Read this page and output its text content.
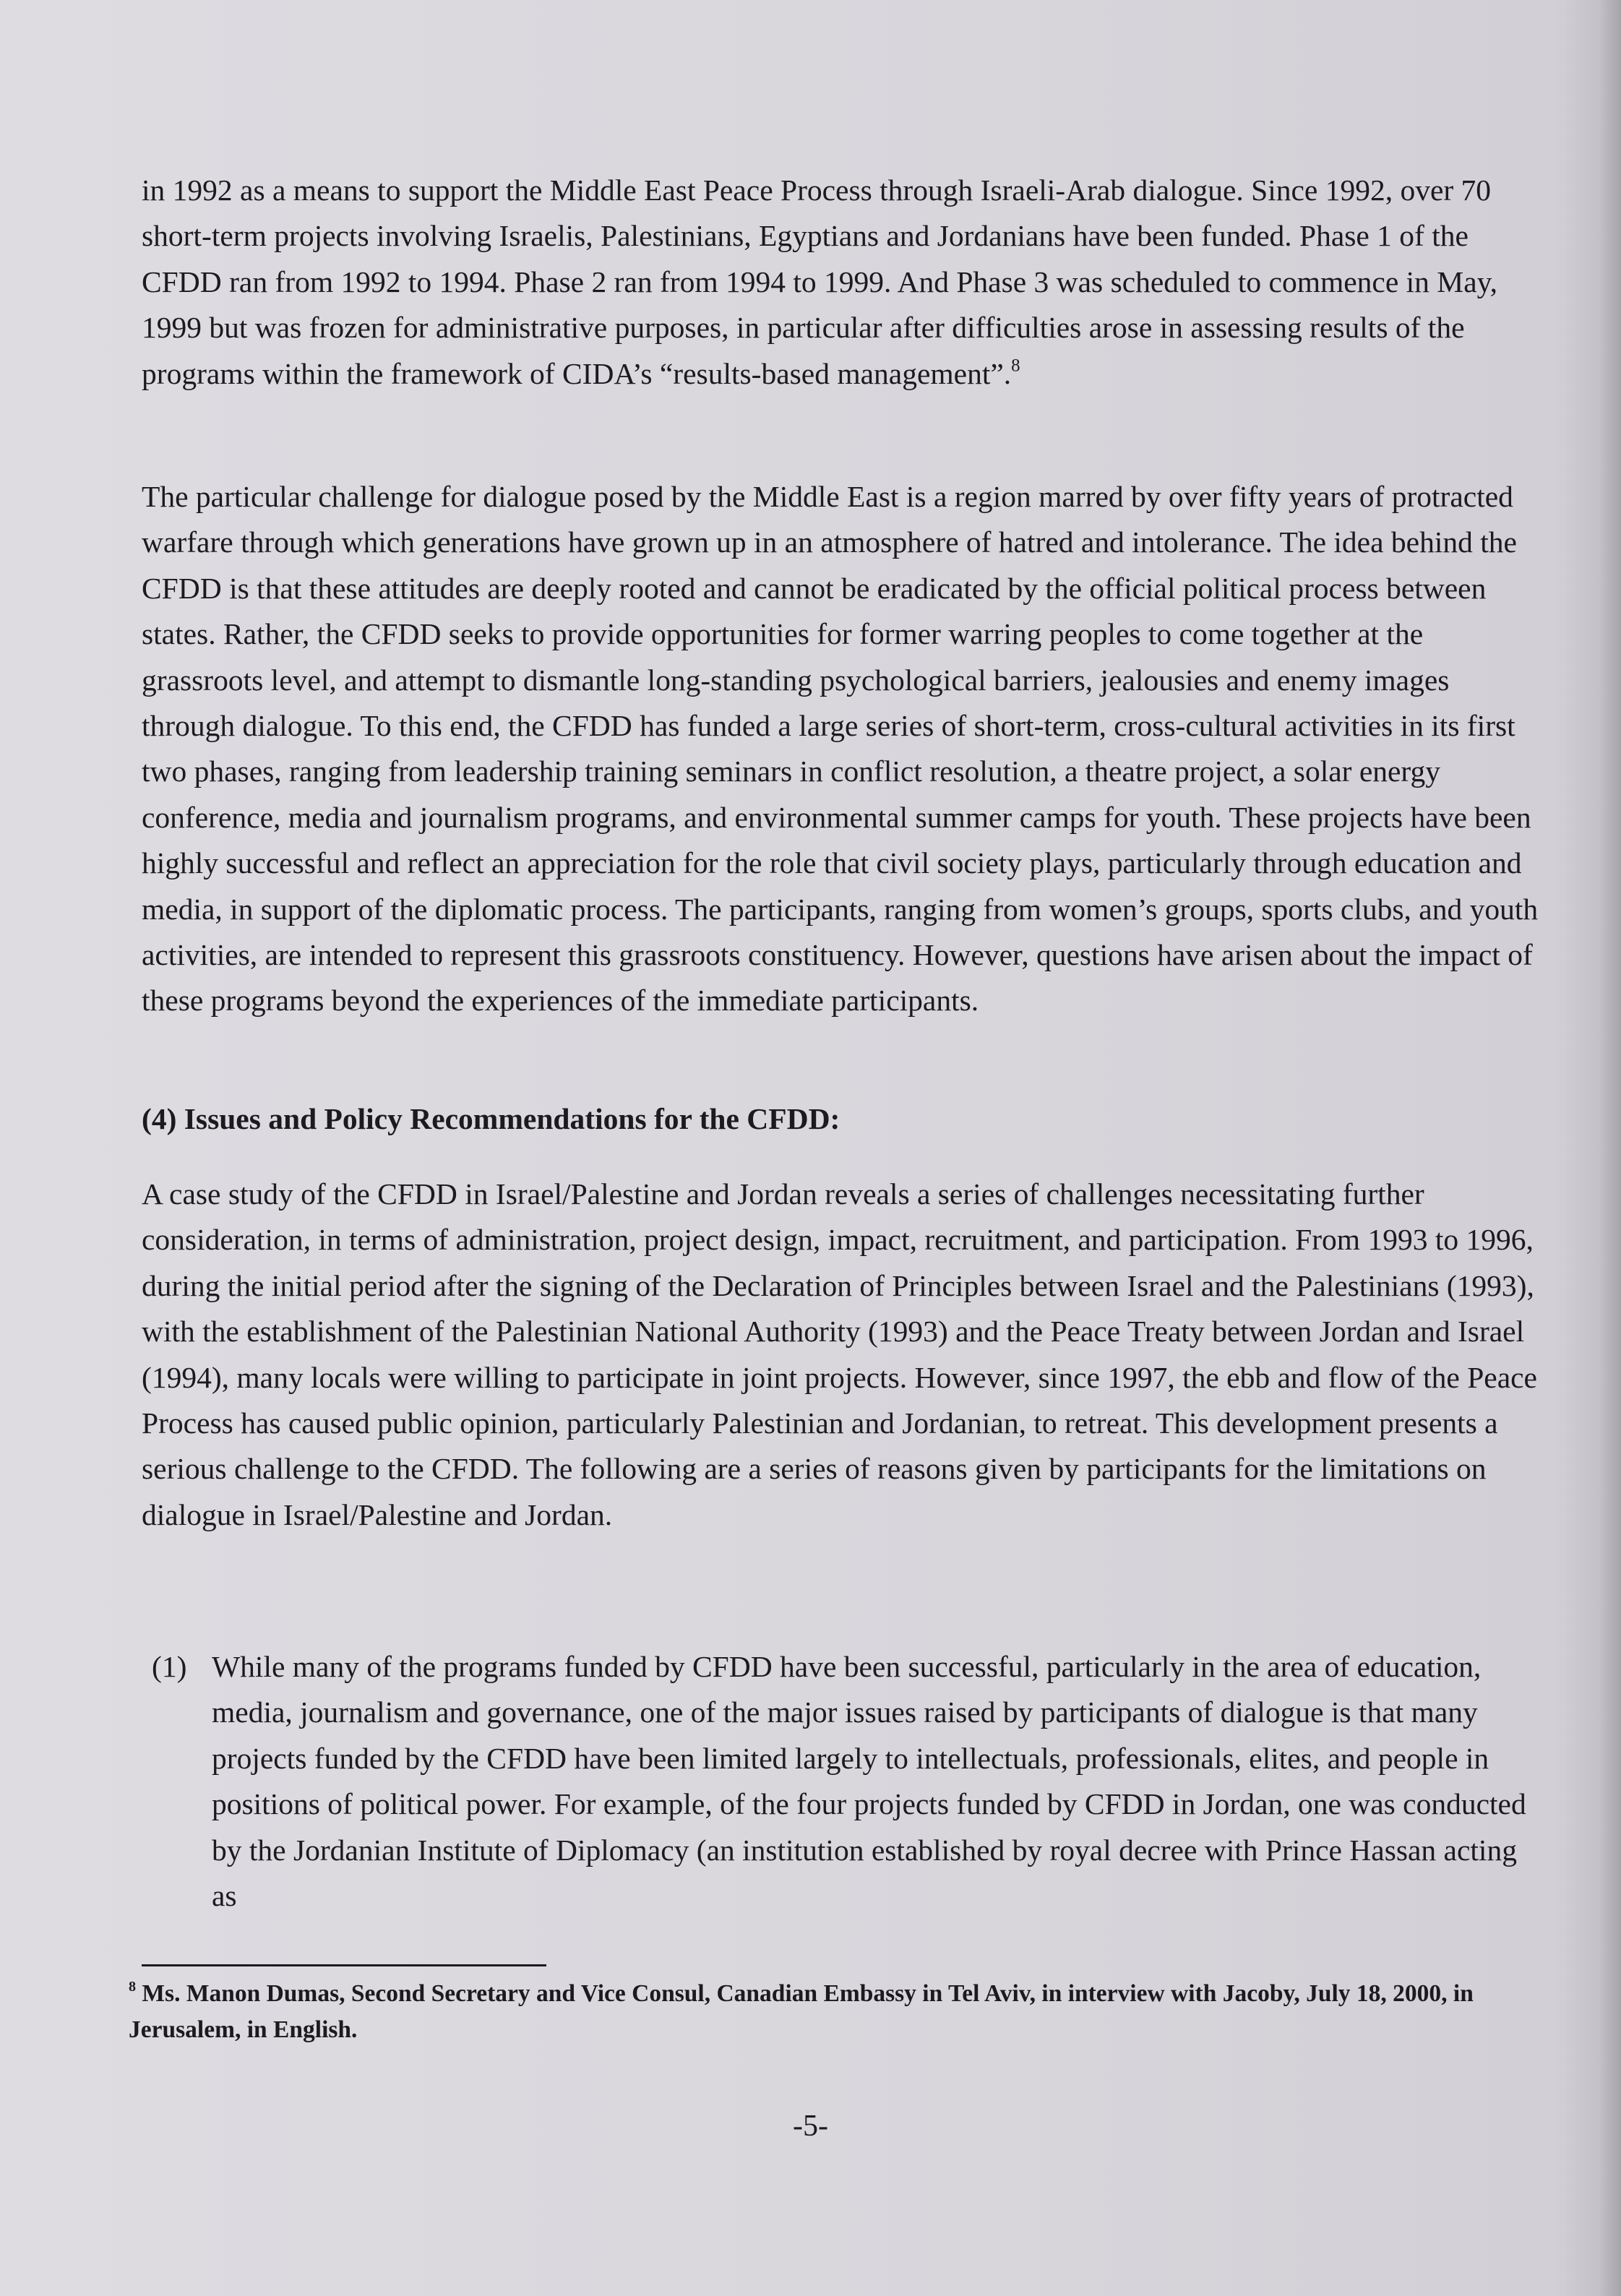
in 1992 as a means to support the Middle East Peace Process through Israeli-Arab dialogue. Since 1992, over 70 short-term projects involving Israelis, Palestinians, Egyptians and Jordanians have been funded. Phase 1 of the CFDD ran from 1992 to 1994. Phase 2 ran from 1994 to 1999. And Phase 3 was scheduled to commence in May, 1999 but was frozen for administrative purposes, in particular after difficulties arose in assessing results of the programs within the framework of CIDA’s “results-based management”.$^8$

The particular challenge for dialogue posed by the Middle East is a region marred by over fifty years of protracted warfare through which generations have grown up in an atmosphere of hatred and intolerance. The idea behind the CFDD is that these attitudes are deeply rooted and cannot be eradicated by the official political process between states. Rather, the CFDD seeks to provide opportunities for former warring peoples to come together at the grassroots level, and attempt to dismantle long-standing psychological barriers, jealousies and enemy images through dialogue. To this end, the CFDD has funded a large series of short-term, cross-cultural activities in its first two phases, ranging from leadership training seminars in conflict resolution, a theatre project, a solar energy conference, media and journalism programs, and environmental summer camps for youth. These projects have been highly successful and reflect an appreciation for the role that civil society plays, particularly through education and media, in support of the diplomatic process. The participants, ranging from women’s groups, sports clubs, and youth activities, are intended to represent this grassroots constituency. However, questions have arisen about the impact of these programs beyond the experiences of the immediate participants.

(4) Issues and Policy Recommendations for the CFDD:

A case study of the CFDD in Israel/Palestine and Jordan reveals a series of challenges necessitating further consideration, in terms of administration, project design, impact, recruitment, and participation. From 1993 to 1996, during the initial period after the signing of the Declaration of Principles between Israel and the Palestinians (1993), with the establishment of the Palestinian National Authority (1993) and the Peace Treaty between Jordan and Israel (1994), many locals were willing to participate in joint projects. However, since 1997, the ebb and flow of the Peace Process has caused public opinion, particularly Palestinian and Jordanian, to retreat. This development presents a serious challenge to the CFDD. The following are a series of reasons given by participants for the limitations on dialogue in Israel/Palestine and Jordan.

(1) While many of the programs funded by CFDD have been successful, particularly in the area of education, media, journalism and governance, one of the major issues raised by participants of dialogue is that many projects funded by the CFDD have been limited largely to intellectuals, professionals, elites, and people in positions of political power. For example, of the four projects funded by CFDD in Jordan, one was conducted by the Jordanian Institute of Diplomacy (an institution established by royal decree with Prince Hassan acting as
$^8$ Ms. Manon Dumas, Second Secretary and Vice Consul, Canadian Embassy in Tel Aviv, in interview with Jacoby, July 18, 2000, in Jerusalem, in English.
-5-
